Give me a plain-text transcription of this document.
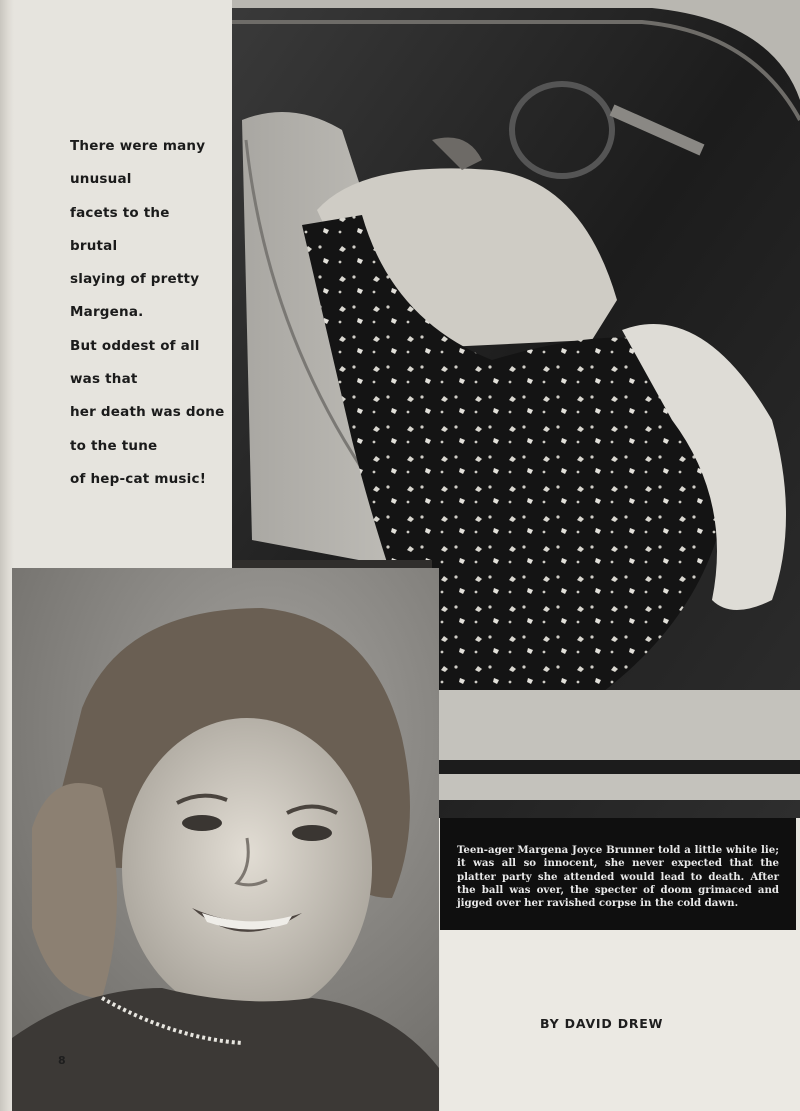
There were many
unusual
facets to the
brutal
slaying of pretty
Margena.
But oddest of all
was that
her death was done
to the tune
of hep-cat music!
8

Teen-ager Margena Joyce Brunner told a little white lie; it was all so innocent, she never expected that the platter party she attended would lead to death. After the ball was over, the specter of doom grimaced and jigged over her ravished corpse in the cold dawn.

BY DAVID DREW
